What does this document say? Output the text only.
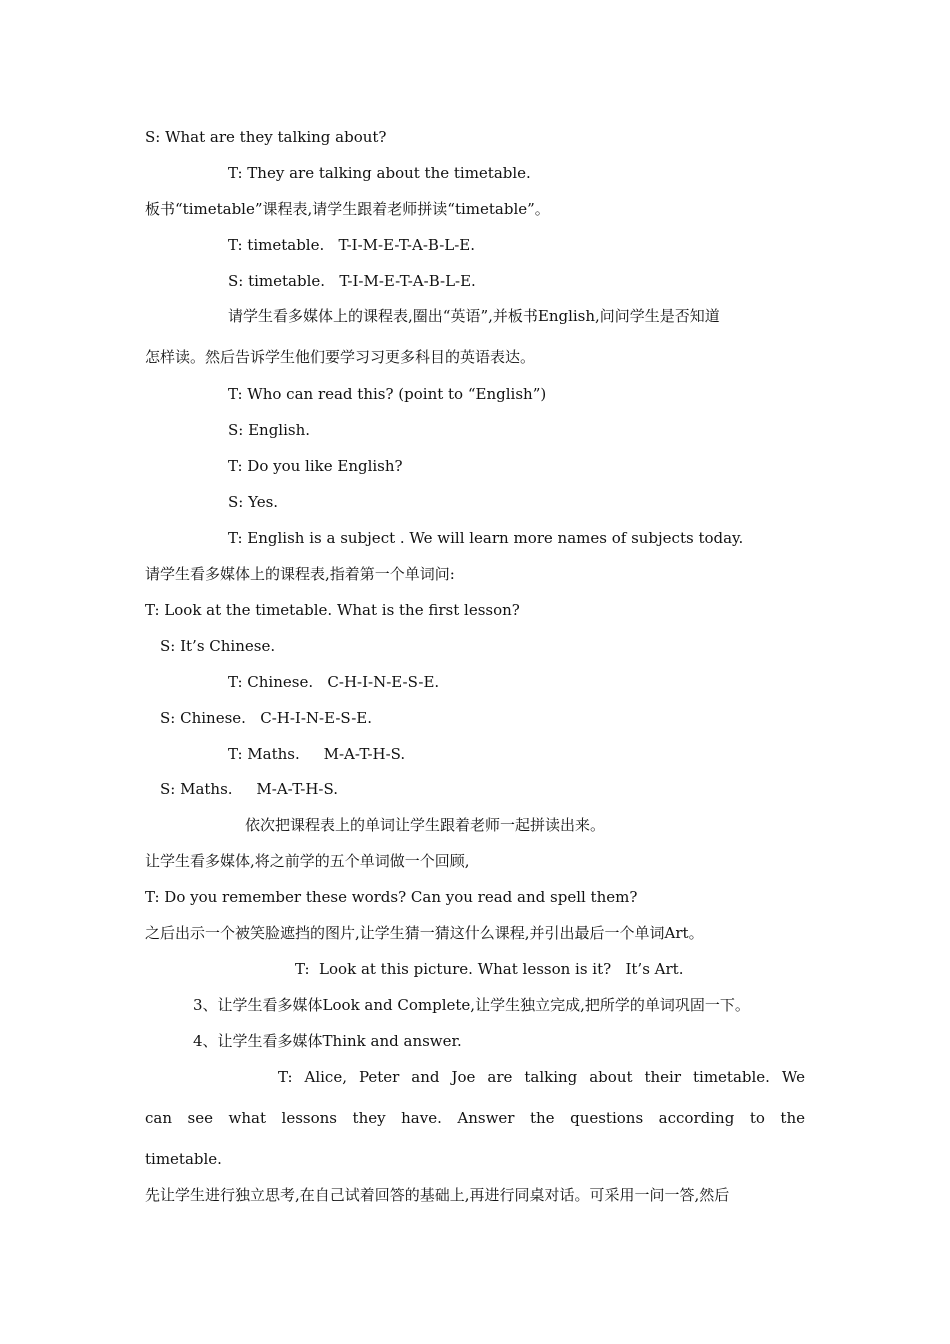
S: What are they talking about?
T: They are talking about the timetable.
板书“timetable”课程表,请学生跟着老师拼读“timetable”。
T: timetable.   T-I-M-E-T-A-B-L-E.
S: timetable.   T-I-M-E-T-A-B-L-E.
请学生看多媒体上的课程表,圈出“英语”,并板书English,问问学生是否知道
怎样读。然后告诉学生他们要学习习更多科目的英语表达。
T: Who can read this? (point to “English”)
S: English.
T: Do you like English?
S: Yes.
T: English is a subject . We will learn more names of subjects today.
请学生看多媒体上的课程表,指着第一个单词问:
T: Look at the timetable. What is the first lesson?
S: It’s Chinese.
T: Chinese.   C-H-I-N-E-S-E.
S: Chinese.   C-H-I-N-E-S-E.
T: Maths.     M-A-T-H-S.
S: Maths.     M-A-T-H-S.
依次把课程表上的单词让学生跟着老师一起拼读出来。
让学生看多媒体,将之前学的五个单词做一个回顾,
T: Do you remember these words? Can you read and spell them?
之后出示一个被笑脸遮挡的图片,让学生猜一猜这什么课程,并引出最后一个单词Art。
T:  Look at this picture. What lesson is it?   It’s Art.
3、让学生看多媒体Look and Complete,让学生独立完成,把所学的单词巩固一下。
4、让学生看多媒体Think and answer.
T: Alice, Peter and Joe are talking about their timetable. We
can see what lessons they have. Answer the questions according to the
timetable.
先让学生进行独立思考,在自己试着回答的基础上,再进行同桌对话。可采用一问一答,然后
